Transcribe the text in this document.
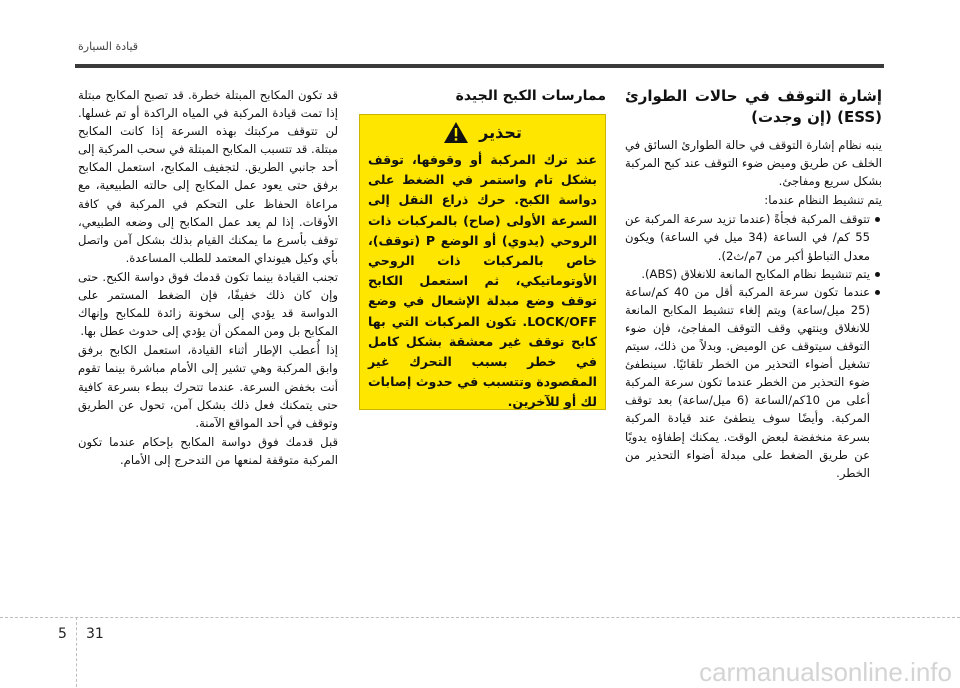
قيادة السيارة
إشارة التوقف في حالات الطوارئ (ESS) (إن وجدت)

ينبه نظام إشارة التوقف في حالة الطوارئ السائق في الخلف عن طريق وميض ضوء التوقف عند كبح المركبة بشكل سريع ومفاجئ.

يتم تنشيط النظام عندما:

تتوقف المركبة فجأةً (عندما تزيد سرعة المركبة عن 55 كم/ في الساعة (34 ميل في الساعة) ويكون معدل التباطؤ أكبر من 7م/ث2).
يتم تنشيط نظام المكابح المانعة للانغلاق (ABS).
عندما تكون سرعة المركبة أقل من 40 كم/ساعة (25 ميل/ساعة) ويتم إلغاء تنشيط المكابح المانعة للانغلاق وينتهي وقف التوقف المفاجئ، فإن ضوء التوقف سيتوقف عن الوميض. وبدلاً من ذلك، سيتم تشغيل أضواء التحذير من الخطر تلقائيًا. سينطفئ ضوء التحذير من الخطر عندما تكون سرعة المركبة أعلى من 10كم/الساعة (6 ميل/ساعة) بعد توقف المركبة. وأيضًا سوف ينطفئ عند قيادة المركبة بسرعة منخفضة لبعض الوقت. يمكنك إطفاؤه يدويًا عن طريق الضغط على مبدلة أضواء التحذير من الخطر.
ممارسات الكبح الجيدة
تحذير
عند ترك المركبة أو وقوفها، توقف بشكل تام واستمر في الضغط على دواسة الكبح. حرك ذراع النقل إلى السرعة الأولى (صاح) بالمركبات ذات الروحي (يدوي) أو الوضع P (توقف)، خاص بالمركبات ذات الروحي الأوتوماتيكي، ثم استعمل الكابح توقف وضع مبدلة الإشعال في وضع LOCK/OFF. تكون المركبات التي بها كابح توقف غير معشقة بشكل كامل في خطر بسبب التحرك غير المقصودة وتتسبب في حدوث إصابات لك أو للآخرين.

قد تكون المكابح المبتلة خطرة. قد تصبح المكابح مبتلة إذا تمت قيادة المركبة في المياه الراكدة أو تم غسلها. لن تتوقف مركبتك بهذه السرعة إذا كانت المكابح مبتلة. قد تتسبب المكابح المبتلة في سحب المركبة إلى أحد جانبي الطريق. لتجفيف المكابح، استعمل المكابح برفق حتى يعود عمل المكابح إلى حالته الطبيعية، مع مراعاة الحفاظ على التحكم في المركبة في كافة الأوقات. إذا لم يعد عمل المكابح إلى وضعه الطبيعي، توقف بأسرع ما يمكنك القيام بذلك بشكل آمن واتصل بأي وكيل هيونداي المعتمد للطلب المساعدة.

تجنب القيادة بينما تكون قدمك فوق دواسة الكبح. حتى وإن كان ذلك خفيفًا، فإن الضغط المستمر على الدواسة قد يؤدي إلى سخونة زائدة للمكابح وإنهاك المكابح بل ومن الممكن أن يؤدي إلى حدوث عطل بها.

إذا أُعطب الإطار أثناء القيادة، استعمل الكابح برفق وابق المركبة وهي تشير إلى الأمام مباشرة بينما تقوم أنت بخفض السرعة. عندما تتحرك ببطء بسرعة كافية حتى يتمكنك فعل ذلك بشكل آمن، تحول عن الطريق وتوقف في أحد المواقع الآمنة.

قبل قدمك فوق دواسة المكابح بإحكام عندما تكون المركبة متوقفة لمنعها من التدحرج إلى الأمام.

5 31
carmanualsonline.info
